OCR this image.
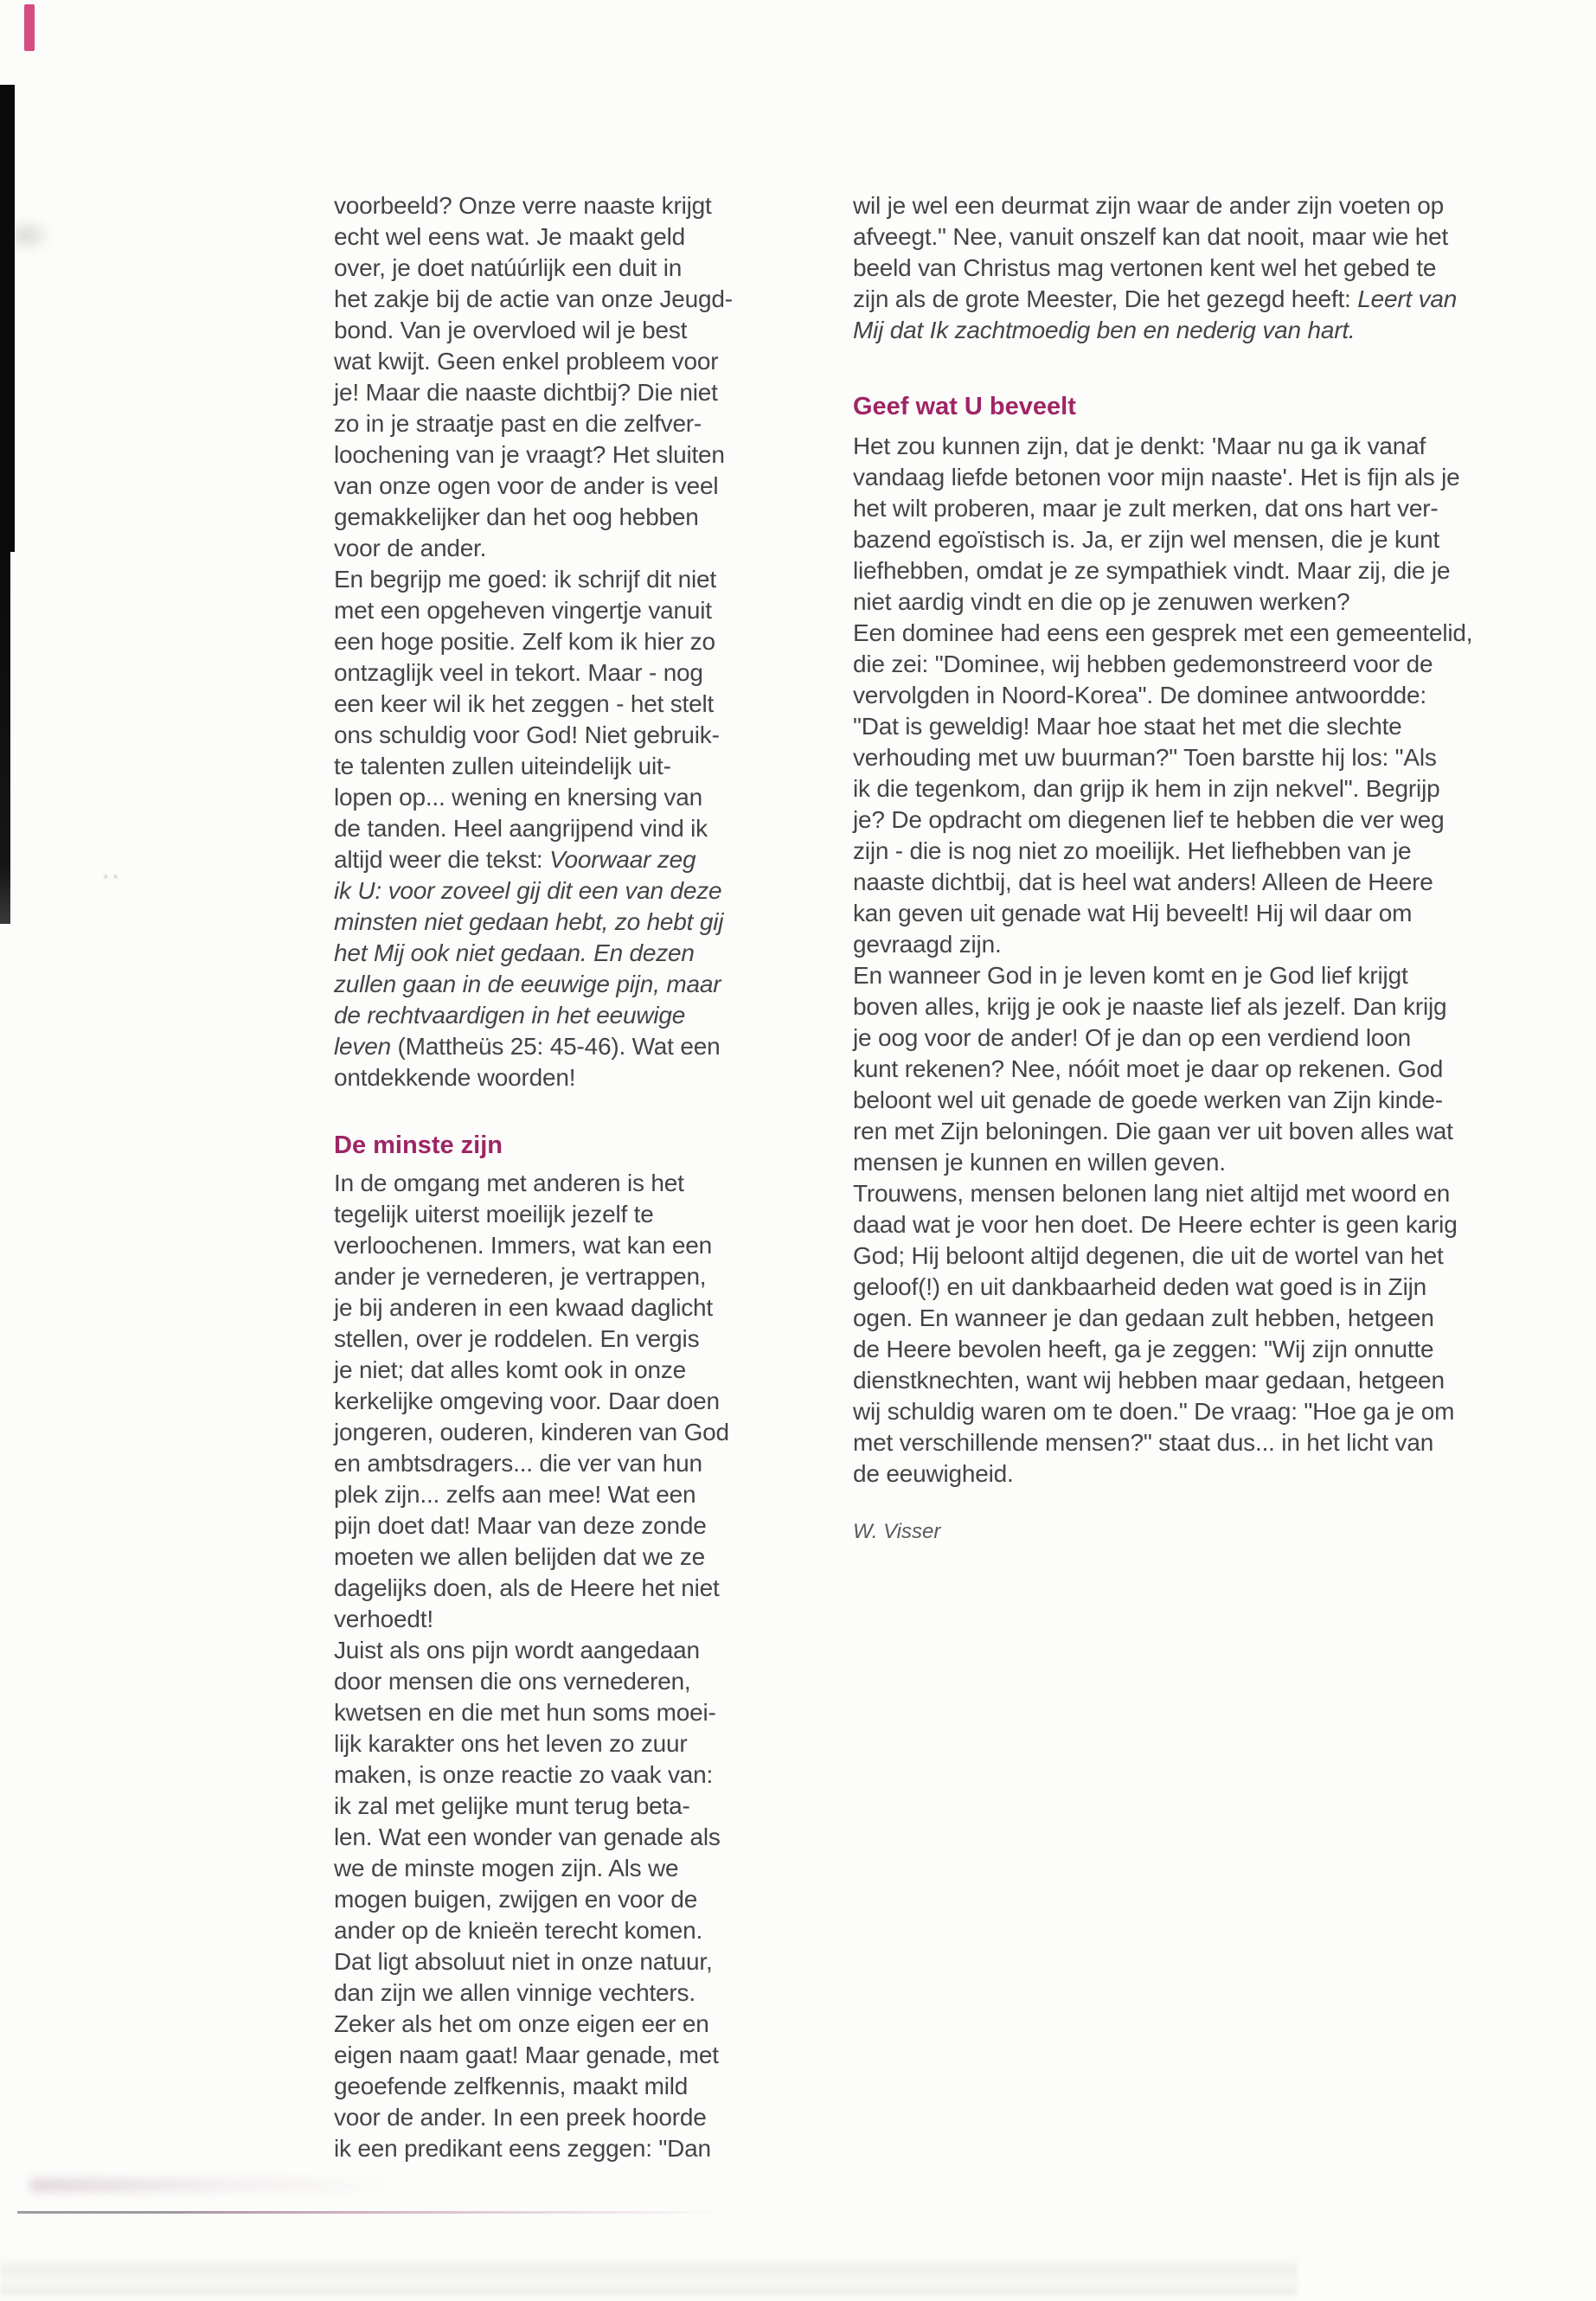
..

voorbeeld? Onze verre naaste krijgt
echt wel eens wat. Je maakt geld
over, je doet natúúrlijk een duit in
het zakje bij de actie van onze Jeugd-
bond. Van je overvloed wil je best
wat kwijt. Geen enkel probleem voor
je! Maar die naaste dichtbij? Die niet
zo in je straatje past en die zelfver-
loochening van je vraagt? Het sluiten
van onze ogen voor de ander is veel
gemakkelijker dan het oog hebben
voor de ander.
En begrijp me goed: ik schrijf dit niet
met een opgeheven vingertje vanuit
een hoge positie. Zelf kom ik hier zo
ontzaglijk veel in tekort. Maar - nog
een keer wil ik het zeggen - het stelt
ons schuldig voor God! Niet gebruik-
te talenten zullen uiteindelijk uit-
lopen op... wening en knersing van
de tanden. Heel aangrijpend vind ik
altijd weer die tekst: Voorwaar zeg
ik U: voor zoveel gij dit een van deze
minsten niet gedaan hebt, zo hebt gij
het Mij ook niet gedaan. En dezen
zullen gaan in de eeuwige pijn, maar
de rechtvaardigen in het eeuwige
leven (Mattheüs 25: 45-46). Wat een
ontdekkende woorden!

De minste zijn

In de omgang met anderen is het
tegelijk uiterst moeilijk jezelf te
verloochenen. Immers, wat kan een
ander je vernederen, je vertrappen,
je bij anderen in een kwaad daglicht
stellen, over je roddelen. En vergis
je niet; dat alles komt ook in onze
kerkelijke omgeving voor. Daar doen
jongeren, ouderen, kinderen van God
en ambtsdragers... die ver van hun
plek zijn... zelfs aan mee! Wat een
pijn doet dat! Maar van deze zonde
moeten we allen belijden dat we ze
dagelijks doen, als de Heere het niet
verhoedt!
Juist als ons pijn wordt aangedaan
door mensen die ons vernederen,
kwetsen en die met hun soms moei-
lijk karakter ons het leven zo zuur
maken, is onze reactie zo vaak van:
ik zal met gelijke munt terug beta-
len. Wat een wonder van genade als
we de minste mogen zijn. Als we
mogen buigen, zwijgen en voor de
ander op de knieën terecht komen.
Dat ligt absoluut niet in onze natuur,
dan zijn we allen vinnige vechters.
Zeker als het om onze eigen eer en
eigen naam gaat! Maar genade, met
geoefende zelfkennis, maakt mild
voor de ander. In een preek hoorde
ik een predikant eens zeggen: "Dan

wil je wel een deurmat zijn waar de ander zijn voeten op
afveegt." Nee, vanuit onszelf kan dat nooit, maar wie het
beeld van Christus mag vertonen kent wel het gebed te
zijn als de grote Meester, Die het gezegd heeft: Leert van
Mij dat Ik zachtmoedig ben en nederig van hart.

Geef wat U beveelt

Het zou kunnen zijn, dat je denkt: 'Maar nu ga ik vanaf
vandaag liefde betonen voor mijn naaste'. Het is fijn als je
het wilt proberen, maar je zult merken, dat ons hart ver-
bazend egoïstisch is. Ja, er zijn wel mensen, die je kunt
liefhebben, omdat je ze sympathiek vindt. Maar zij, die je
niet aardig vindt en die op je zenuwen werken?
Een dominee had eens een gesprek met een gemeentelid,
die zei: "Dominee, wij hebben gedemonstreerd voor de
vervolgden in Noord-Korea". De dominee antwoordde:
"Dat is geweldig! Maar hoe staat het met die slechte
verhouding met uw buurman?" Toen barstte hij los: "Als
ik die tegenkom, dan grijp ik hem in zijn nekvel". Begrijp
je? De opdracht om diegenen lief te hebben die ver weg
zijn - die is nog niet zo moeilijk. Het liefhebben van je
naaste dichtbij, dat is heel wat anders! Alleen de Heere
kan geven uit genade wat Hij beveelt! Hij wil daar om
gevraagd zijn.
En wanneer God in je leven komt en je God lief krijgt
boven alles, krijg je ook je naaste lief als jezelf. Dan krijg
je oog voor de ander! Of je dan op een verdiend loon
kunt rekenen? Nee, nóóit moet je daar op rekenen. God
beloont wel uit genade de goede werken van Zijn kinde-
ren met Zijn beloningen. Die gaan ver uit boven alles wat
mensen je kunnen en willen geven.
Trouwens, mensen belonen lang niet altijd met woord en
daad wat je voor hen doet. De Heere echter is geen karig
God; Hij beloont altijd degenen, die uit de wortel van het
geloof(!) en uit dankbaarheid deden wat goed is in Zijn
ogen. En wanneer je dan gedaan zult hebben, hetgeen
de Heere bevolen heeft, ga je zeggen: "Wij zijn onnutte
dienstknechten, want wij hebben maar gedaan, hetgeen
wij schuldig waren om te doen." De vraag: "Hoe ga je om
met verschillende mensen?" staat dus... in het licht van
de eeuwigheid.

W. Visser
